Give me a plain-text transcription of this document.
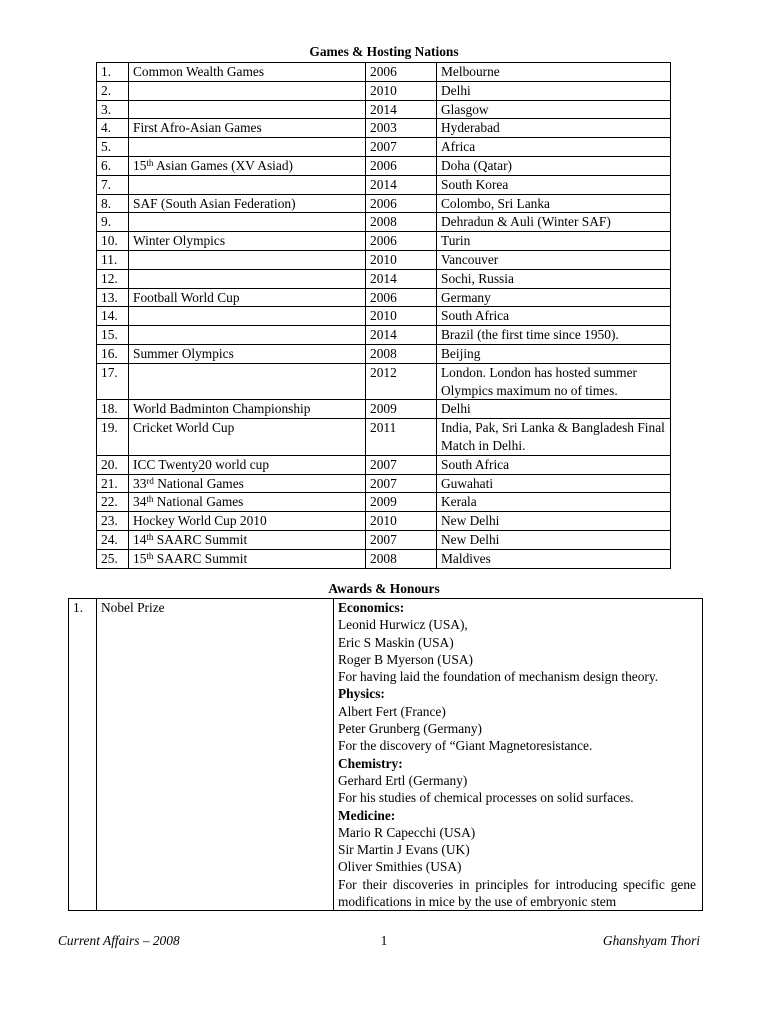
Games & Hosting Nations
1.	Common Wealth Games	2006	Melbourne
2.		2010	Delhi
3.		2014	Glasgow
4.	First Afro-Asian Games	2003	Hyderabad
5.		2007	Africa
6.	15th Asian Games (XV Asiad)	2006	Doha (Qatar)
7.		2014	South Korea
8.	SAF (South Asian Federation)	2006	Colombo, Sri Lanka
9.		2008	Dehradun & Auli (Winter SAF)
10.	Winter Olympics	2006	Turin
11.		2010	Vancouver
12.		2014	Sochi, Russia
13.	Football World Cup	2006	Germany
14.		2010	South Africa
15.		2014	Brazil (the first time since 1950).
16.	Summer Olympics	2008	Beijing
17.		2012	London. London has hosted summer Olympics maximum no of times.
18.	World Badminton Championship	2009	Delhi
19.	Cricket World Cup	2011	India, Pak, Sri Lanka & Bangladesh Final Match in Delhi.
20.	ICC Twenty20 world cup	2007	South Africa
21.	33rd National Games	2007	Guwahati
22.	34th National Games	2009	Kerala
23.	Hockey World Cup 2010	2010	New Delhi
24.	14th SAARC Summit	2007	New Delhi
25.	15th SAARC Summit	2008	Maldives
Awards & Honours
1.	Nobel Prize	Economics:
Leonid Hurwicz (USA),
Eric S Maskin (USA)
Roger B Myerson (USA)
For having laid the foundation of mechanism design theory.
Physics:
Albert Fert (France)
Peter Grunberg (Germany)
For the discovery of “Giant Magnetoresistance.
Chemistry:
Gerhard Ertl (Germany)
For his studies of chemical processes on solid surfaces.
Medicine:
Mario R Capecchi (USA)
Sir Martin J Evans (UK)
Oliver Smithies (USA)
For their discoveries in principles for introducing specific gene modifications in mice by the use of embryonic stem
Current Affairs – 2008	1	Ghanshyam Thori
